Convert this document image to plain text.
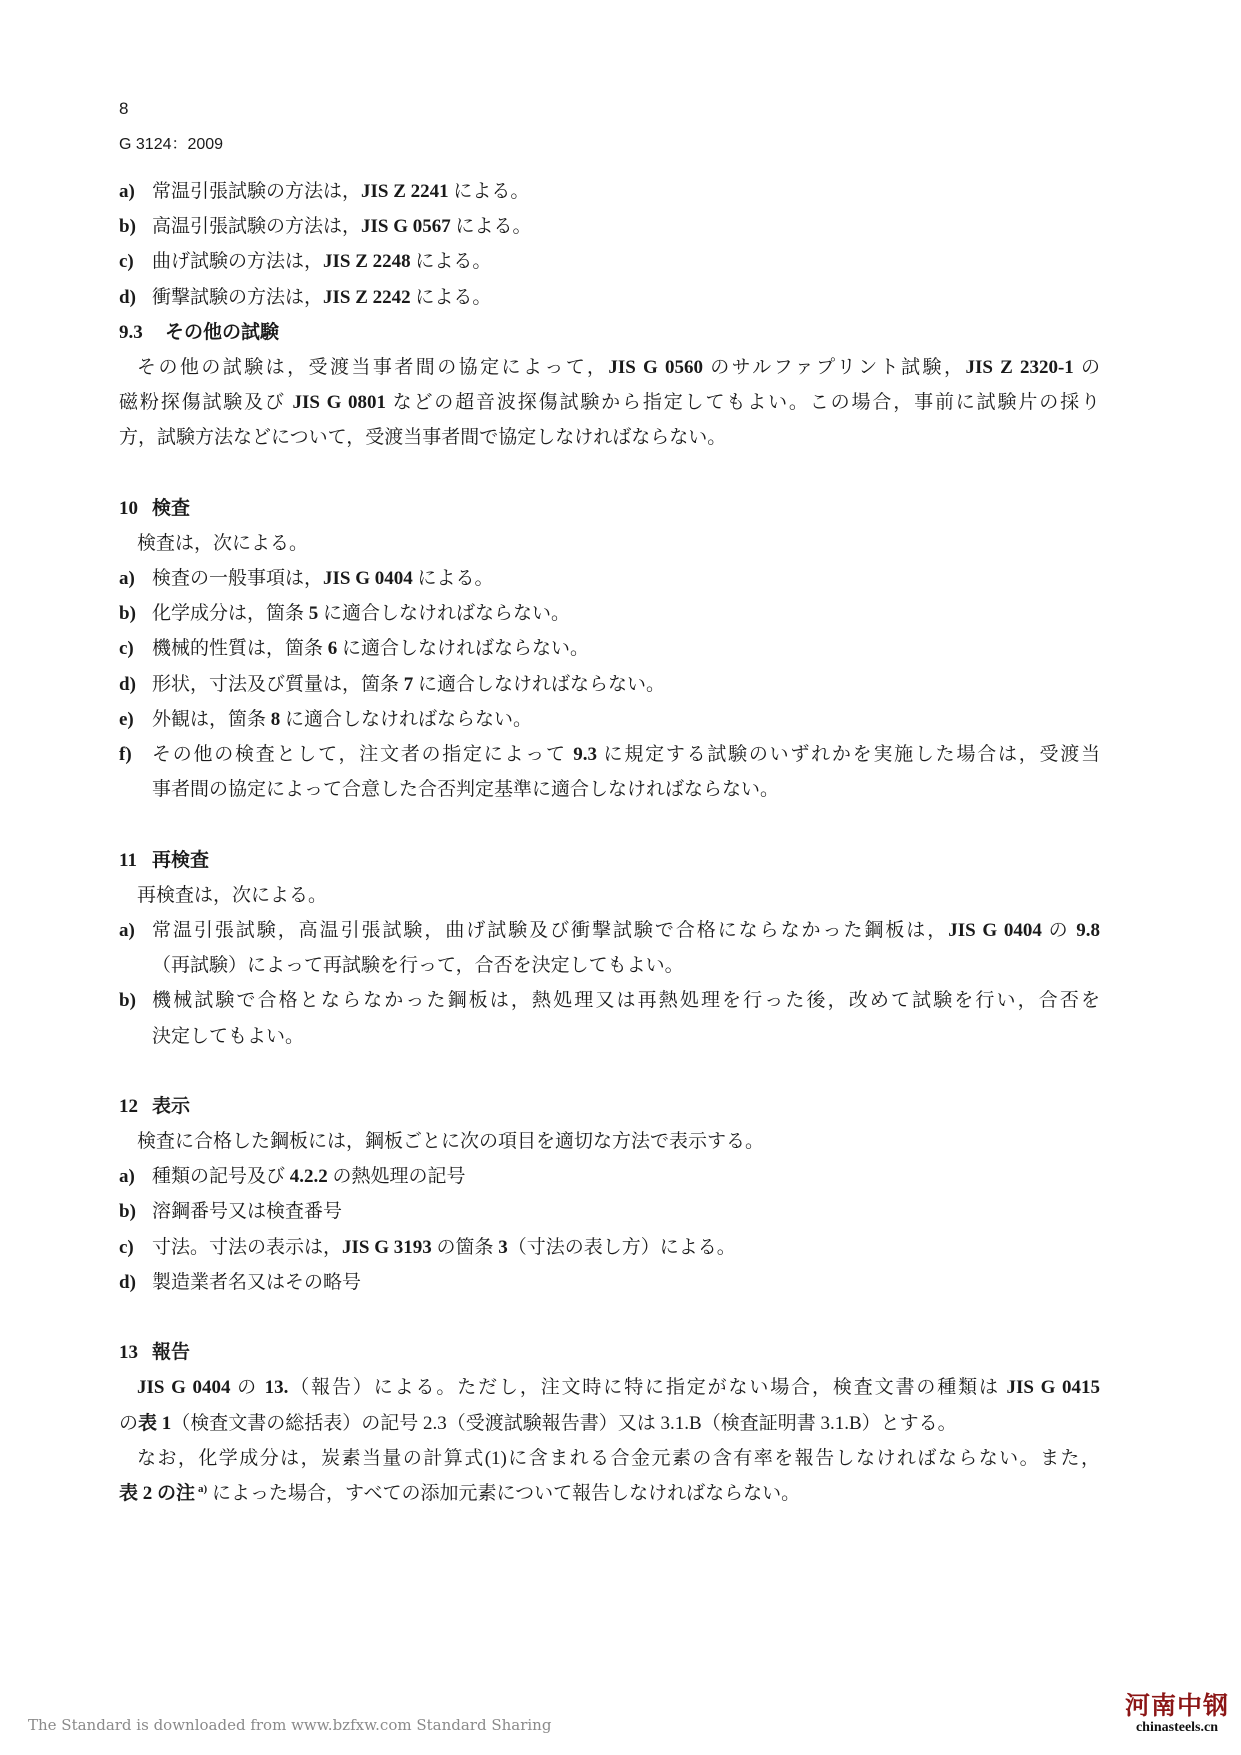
8
G 3124：2009
a) 常温引張試験の方法は，JIS Z 2241 による。
b) 高温引張試験の方法は，JIS G 0567 による。
c) 曲げ試験の方法は，JIS Z 2248 による。
d) 衝撃試験の方法は，JIS Z 2242 による。
9.3 その他の試験
その他の試験は，受渡当事者間の協定によって，JIS G 0560 のサルファプリント試験，JIS Z 2320-1 の
磁粉探傷試験及び JIS G 0801 などの超音波探傷試験から指定してもよい。この場合，事前に試験片の採り
方，試験方法などについて，受渡当事者間で協定しなければならない。
10 検査
検査は，次による。
a) 検査の一般事項は，JIS G 0404 による。
b) 化学成分は，箇条 5 に適合しなければならない。
c) 機械的性質は，箇条 6 に適合しなければならない。
d) 形状，寸法及び質量は，箇条 7 に適合しなければならない。
e) 外観は，箇条 8 に適合しなければならない。
f) その他の検査として，注文者の指定によって 9.3 に規定する試験のいずれかを実施した場合は，受渡当
事者間の協定によって合意した合否判定基準に適合しなければならない。
11 再検査
再検査は，次による。
a) 常温引張試験，高温引張試験，曲げ試験及び衝撃試験で合格にならなかった鋼板は，JIS G 0404 の 9.8
（再試験）によって再試験を行って，合否を決定してもよい。
b) 機械試験で合格とならなかった鋼板は，熱処理又は再熱処理を行った後，改めて試験を行い，合否を
決定してもよい。
12 表示
検査に合格した鋼板には，鋼板ごとに次の項目を適切な方法で表示する。
a) 種類の記号及び 4.2.2 の熱処理の記号
b) 溶鋼番号又は検査番号
c) 寸法。寸法の表示は，JIS G 3193 の箇条 3（寸法の表し方）による。
d) 製造業者名又はその略号
13 報告
JIS G 0404 の 13.（報告）による。ただし，注文時に特に指定がない場合，検査文書の種類は JIS G 0415
の表 1（検査文書の総括表）の記号 2.3（受渡試験報告書）又は 3.1.B（検査証明書 3.1.B）とする。
なお，化学成分は，炭素当量の計算式(1)に含まれる合金元素の含有率を報告しなければならない。また，
表 2 の注 $^{a)}$ によった場合，すべての添加元素について報告しなければならない。
The Standard is downloaded from www.bzfxw.com Standard Sharing
河南中钢
chinasteels.cn
